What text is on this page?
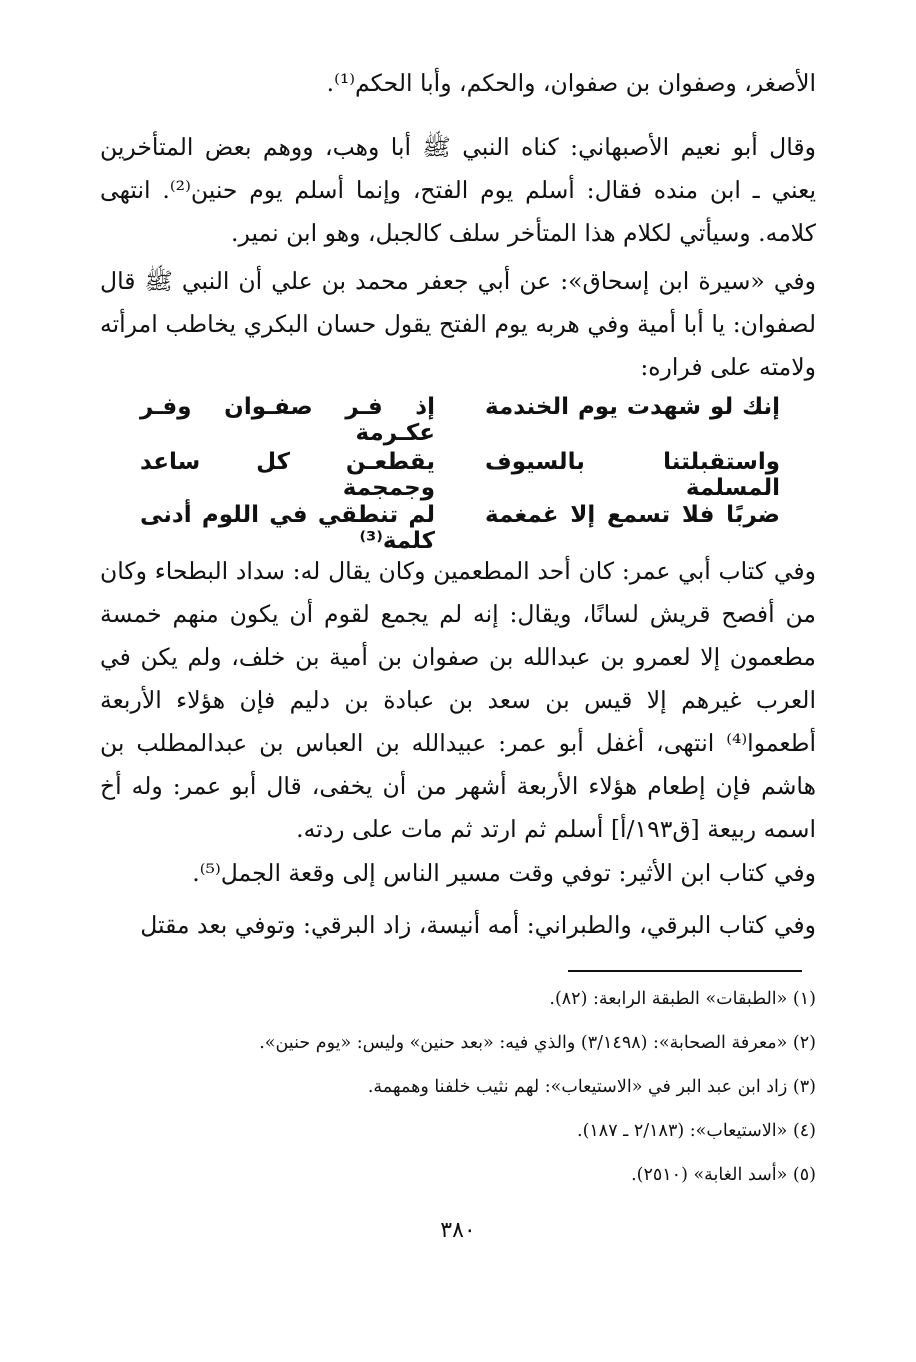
الأصغر، وصفوان بن صفوان، والحكم، وأبا الحكم⁽¹⁾.

وقال أبو نعيم الأصبهاني: كناه النبي ﷺ أبا وهب، ووهم بعض المتأخرين يعني ـ ابن منده فقال: أسلم يوم الفتح، وإنما أسلم يوم حنين⁽²⁾. انتهى كلامه. وسيأتي لكلام هذا المتأخر سلف كالجبل، وهو ابن نمير.

وفي «سيرة ابن إسحاق»: عن أبي جعفر محمد بن علي أن النبي ﷺ قال لصفوان: يا أبا أمية وفي هربه يوم الفتح يقول حسان البكري يخاطب امرأته ولامته على فراره:

إنك لو شهدت يوم الخندمة
إذ فـر صفـوان وفـر عكـرمة
واستقبلتنا بالسيوف المسلمة
يقطعـن كل ساعد وجمجمة
ضربًا فلا تسمع إلا غمغمة
لم تنطقي في اللوم أدنى كلمة⁽³⁾

وفي كتاب أبي عمر: كان أحد المطعمين وكان يقال له: سداد البطحاء وكان من أفصح قريش لسانًا، ويقال: إنه لم يجمع لقوم أن يكون منهم خمسة مطعمون إلا لعمرو بن عبدالله بن صفوان بن أمية بن خلف، ولم يكن في العرب غيرهم إلا قيس بن سعد بن عبادة بن دليم فإن هؤلاء الأربعة أطعموا⁽⁴⁾ انتهى، أغفل أبو عمر: عبيدالله بن العباس بن عبدالمطلب بن هاشم فإن إطعام هؤلاء الأربعة أشهر من أن يخفى، قال أبو عمر: وله أخ اسمه ربيعة [ق١٩٣/أ] أسلم ثم ارتد ثم مات على ردته.

وفي كتاب ابن الأثير: توفي وقت مسير الناس إلى وقعة الجمل⁽⁵⁾.

وفي كتاب البرقي، والطبراني: أمه أنيسة، زاد البرقي: وتوفي بعد مقتل

(١) «الطبقات» الطبقة الرابعة: (٨٢).

(٢) «معرفة الصحابة»: (٣/١٤٩٨) والذي فيه: «بعد حنين» وليس: «يوم حنين».

(٣) زاد ابن عبد البر في «الاستيعاب»: لهم نثيب خلفنا وهمهمة.

(٤) «الاستيعاب»: (٢/١٨٣ ـ ١٨٧).

(٥) «أسد الغابة» (٢٥١٠).

٣٨٠
